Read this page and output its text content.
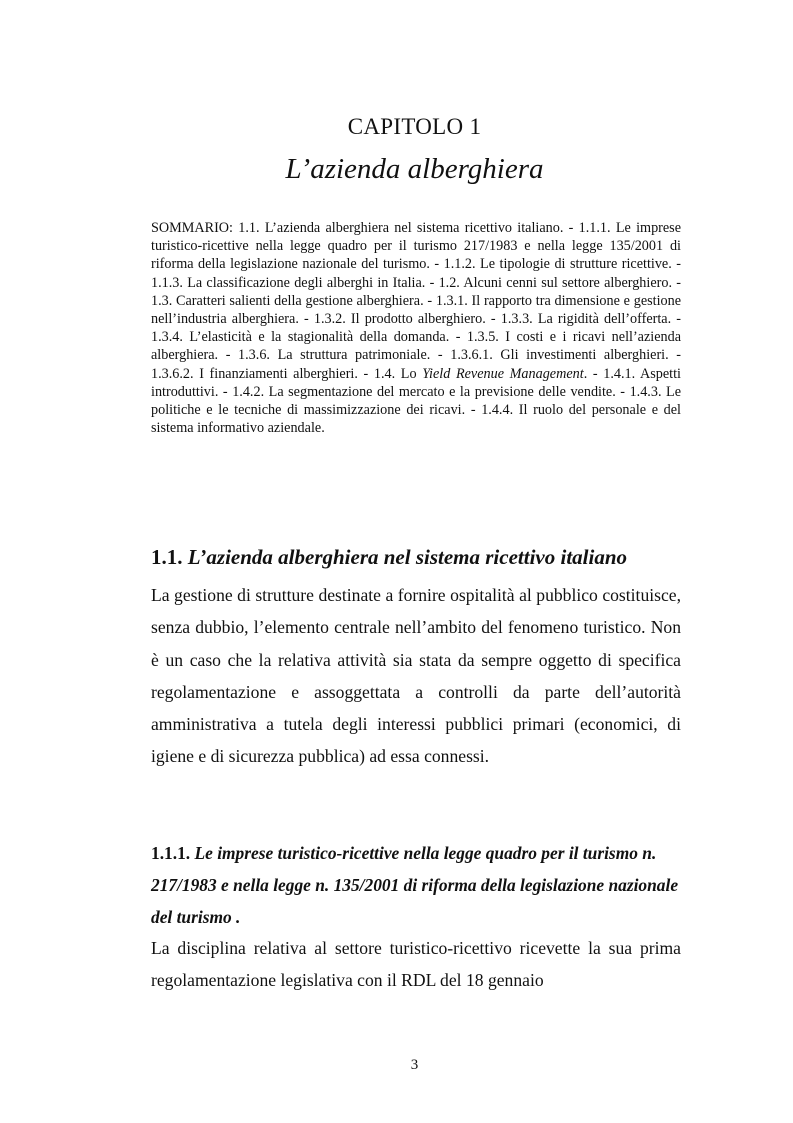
CAPITOLO 1
L’azienda alberghiera
SOMMARIO: 1.1. L’azienda alberghiera nel sistema ricettivo italiano. - 1.1.1. Le imprese turistico-ricettive nella legge quadro per il turismo 217/1983 e nella legge 135/2001 di riforma della legislazione nazionale del turismo. - 1.1.2. Le tipologie di strutture ricettive. - 1.1.3. La classificazione degli alberghi in Italia. - 1.2. Alcuni cenni sul settore alberghiero. - 1.3. Caratteri salienti della gestione alberghiera. - 1.3.1. Il rapporto tra dimensione e gestione nell’industria alberghiera. - 1.3.2. Il prodotto alberghiero. - 1.3.3. La rigidità dell’offerta. - 1.3.4. L’elasticità e la stagionalità della domanda. - 1.3.5. I costi e i ricavi nell’azienda alberghiera. - 1.3.6. La struttura patrimoniale. - 1.3.6.1. Gli investimenti alberghieri. - 1.3.6.2. I finanziamenti alberghieri. - 1.4. Lo Yield Revenue Management. - 1.4.1. Aspetti introduttivi. - 1.4.2. La segmentazione del mercato e la previsione delle vendite. - 1.4.3. Le politiche e le tecniche di massimizzazione dei ricavi. - 1.4.4. Il ruolo del personale e del sistema informativo aziendale.
1.1. L’azienda alberghiera nel sistema ricettivo italiano
La gestione di strutture destinate a fornire ospitalità al pubblico costituisce, senza dubbio, l’elemento centrale nell’ambito del fenomeno turistico. Non è un caso che la relativa attività sia stata da sempre oggetto di specifica regolamentazione e assoggettata a controlli da parte dell’autorità amministrativa a tutela degli interessi pubblici primari (economici, di igiene e di sicurezza pubblica) ad essa connessi.
1.1.1. Le imprese turistico-ricettive nella legge quadro per il turismo n. 217/1983 e nella legge n. 135/2001 di riforma della legislazione nazionale del turismo .
La disciplina relativa al settore turistico-ricettivo ricevette la sua prima regolamentazione legislativa con il RDL del 18 gennaio
3
